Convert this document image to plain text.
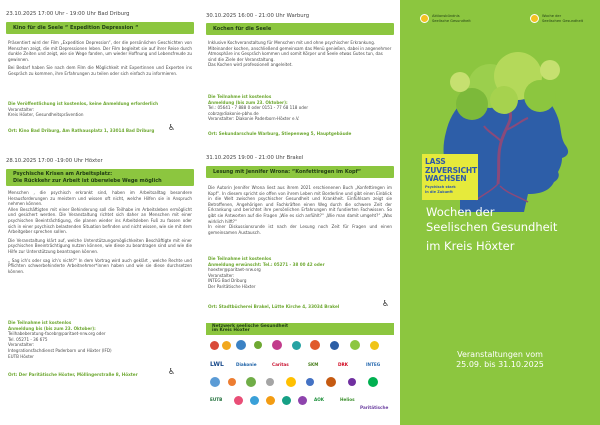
23.10.2025 17:00 Uhr - 19:00 Uhr Bad Driburg
Kino für die Seele “ Expedition Depression “

Präsentiert wird der Film „Expedition Depression“, der die persönlichen Geschichten von Menschen zeigt, die mit Depressionen leben. Der Film begleitet sie auf ihrer Reise durch dunkle Zeiten und zeigt, wie sie Wege fanden, um wieder Hoffnung und Lebensfreude zu gewinnen.

Bei Bedarf haben Sie nach dem Film die Möglichkeit mit Expertinnen und Experten ins Gespräch zu kommen, ihre Erfahrungen zu teilen oder sich einfach zu informieren.

Die Veröffentlichung ist kostenlos, keine Anmeldung erforderlich

Veranstalter:

Kreis Höxter, Gesundheitsprävention

Ort: Kino Bad Driburg, Am Rathausplatz 1, 33014 Bad Driburg ♿
28.10.2025 17:00 -19:00 Uhr Höxter
Psychische Krisen am Arbeitsplatz:
Die Rückkehr zur Arbeit ist überwiebe Wege möglich

Menschen , die psychisch erkrankt sind, haben im Arbeitsalltag besondere Herausforderungen zu meistern und wissen oft nicht, welche Hilfen sie in Anspruch nehmen können.

Allen Beschäftigten mit einer Behinderung soll die Teilhabe im Arbeitsleben ermöglicht und gesichert werden. Die Veranstaltung richtet sich daher an Menschen mit einer psychischen Beeinträchtigung, die planen wieder ins Arbeitsleben Fuß zu fassen oder sich in einer psychisch belastenden Situation befinden und nicht wissen, wie sie mit dem Arbeitgeber sprechen sollen.

Die Veranstaltung klärt auf, welche Unterstützungsmöglichkeiten Beschäftigte mit einer psychischen Beeinträchtigung nutzen können, wie diese zu beantragen sind und wie die Hilfe zur Unterstützung beantragen können.

„ Sag ich's oder sag ich's nicht?“ In dem Vortrag wird auch geklärt , welche Rechte und Pflichten schwerbehinderte Arbeitnehmer*innen haben und wie sie diese durchsetzen können.

Die Teilnahme ist kostenlos

Anmeldung bis (bis zum 23. Oktober):

Teilhabeberatung-facebr@paritaet-nrw.org oder

Tel. 05271 - 36 675

Veranstalter:

Integrationsfachdienst Paderborn und Höxter (IFD)

EUTB Höxter

Ort: Der Paritätische Höxter, Möllingerstraße 8, Höxter	♿
30.10.2025 16:00 - 21:00 Uhr Warburg
Kochen für die Seele

Inklusive Kochveranstaltung für Menschen mit und ohne psychischer Erkrankung.

Miteinander kochen, anschließend gemeinsam das Menü genießen, dabei in angenehmer Atmosphäre ins Gespräch kommen und somit Körper und Seele etwas Gutes tun, das sind die Ziele der Veranstaltung.

Das Kochen wird professionell angeleitet.

Die Teilnahme ist kostenlos

Anmeldung (bis zum 23. Oktober):

Tel.: 05641 - 7 888 0 oder 0151 - 77 68 118 oder

cobrz@diakonie-pbhx.de

Veranstalter: Diakonie Paderborn-Höxter e.V.

Ort: Sekundarschule Warburg, Stiepenweg 5, Hauptgebäude
31.10.2025 19:00 - 21:00 Uhr Brakel
Lesung mit Jennifer Wrona: “Konfettiregen im Kopf“

Die Autorin Jennifer Wrona liest aus ihrem 2021 erschienenen Buch „Konfettiregen im Kopf“. In diesem spricht sie offen von ihrem Leben mit Borderline und gibt einen Einblick in die Welt zwischen psychischer Gesundheit und Krankheit. Einfühlsam zeigt sie Betroffenen, Angehörigen und Fachkräften einen Weg durch die schwere Zeit der Erkrankung und berichtet ihre persönlichen Erfahrungen mit fundierten Fachwissen. So gibt sie Antworten auf die Fragen „Wie es sich anfühlt?“ „Wie man damit umgeht?“ „Was wirklich hilft?“

In einer Diskussionsrunde ist nach der Lesung noch Zeit für Fragen und einen gemeinsamen Austausch.

Die Teilnahme ist kostenlos

Anmeldung erwünscht: Tel.: 05271 - 38 00 42 oder

hoexter@paritaet-nrw.org

Veranstalter:

INTEG Bad Driburg

Der Paritätische Höxter

Ort: Stadtbücherei Brakel, Lütte Kirche 4, 33034 Brakel	♿
Netzwerk seelische Gesundheit
im Kreis Höxter
LWL	Diakonie	Caritas	SKM	DRK	INTEG
EUTB	AOK	Helios
Paritätische
Aktionsbündnis
Seelische Gesundheit
Woche der
Seelischen Gesundheit
LASS ZUVERSICHT
WACHSEN
Psychisch stark
in die Zukunft
Wochen der
Seelischen Gesundheit
im Kreis Höxter
Veranstaltungen vom
25.09. bis 31.10.2025
